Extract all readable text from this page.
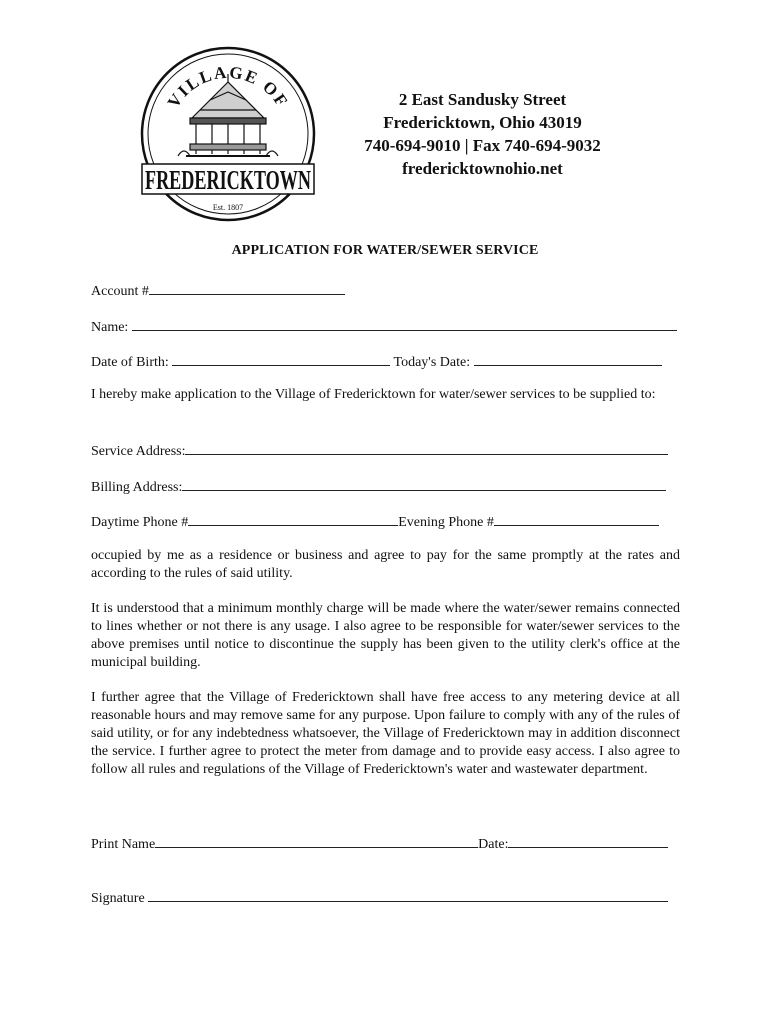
VILLAGE OF
FREDERICKTOWN
Est. 1807
2 East Sandusky Street
Fredericktown, Ohio 43019
740-694-9010 | Fax 740-694-9032
fredericktownohio.net
APPLICATION FOR WATER/SEWER SERVICE
Account #
Name:
Date of Birth:	Today's Date:
I hereby make application to the Village of Fredericktown for water/sewer services to be supplied to:
Service Address:
Billing Address:
Daytime Phone #	Evening Phone #
occupied by me as a residence or business and agree to pay for the same promptly at the rates and according to the rules of said utility.
It is understood that a minimum monthly charge will be made where the water/sewer remains connected to lines whether or not there is any usage. I also agree to be responsible for water/sewer services to the above premises until notice to discontinue the supply has been given to the utility clerk's office at the municipal building.
I further agree that the Village of Fredericktown shall have free access to any metering device at all reasonable hours and may remove same for any purpose. Upon failure to comply with any of the rules of said utility, or for any indebtedness whatsoever, the Village of Fredericktown may in addition disconnect the service. I further agree to protect the meter from damage and to provide easy access. I also agree to follow all rules and regulations of the Village of Fredericktown's water and wastewater department.
Print Name	Date:
Signature
